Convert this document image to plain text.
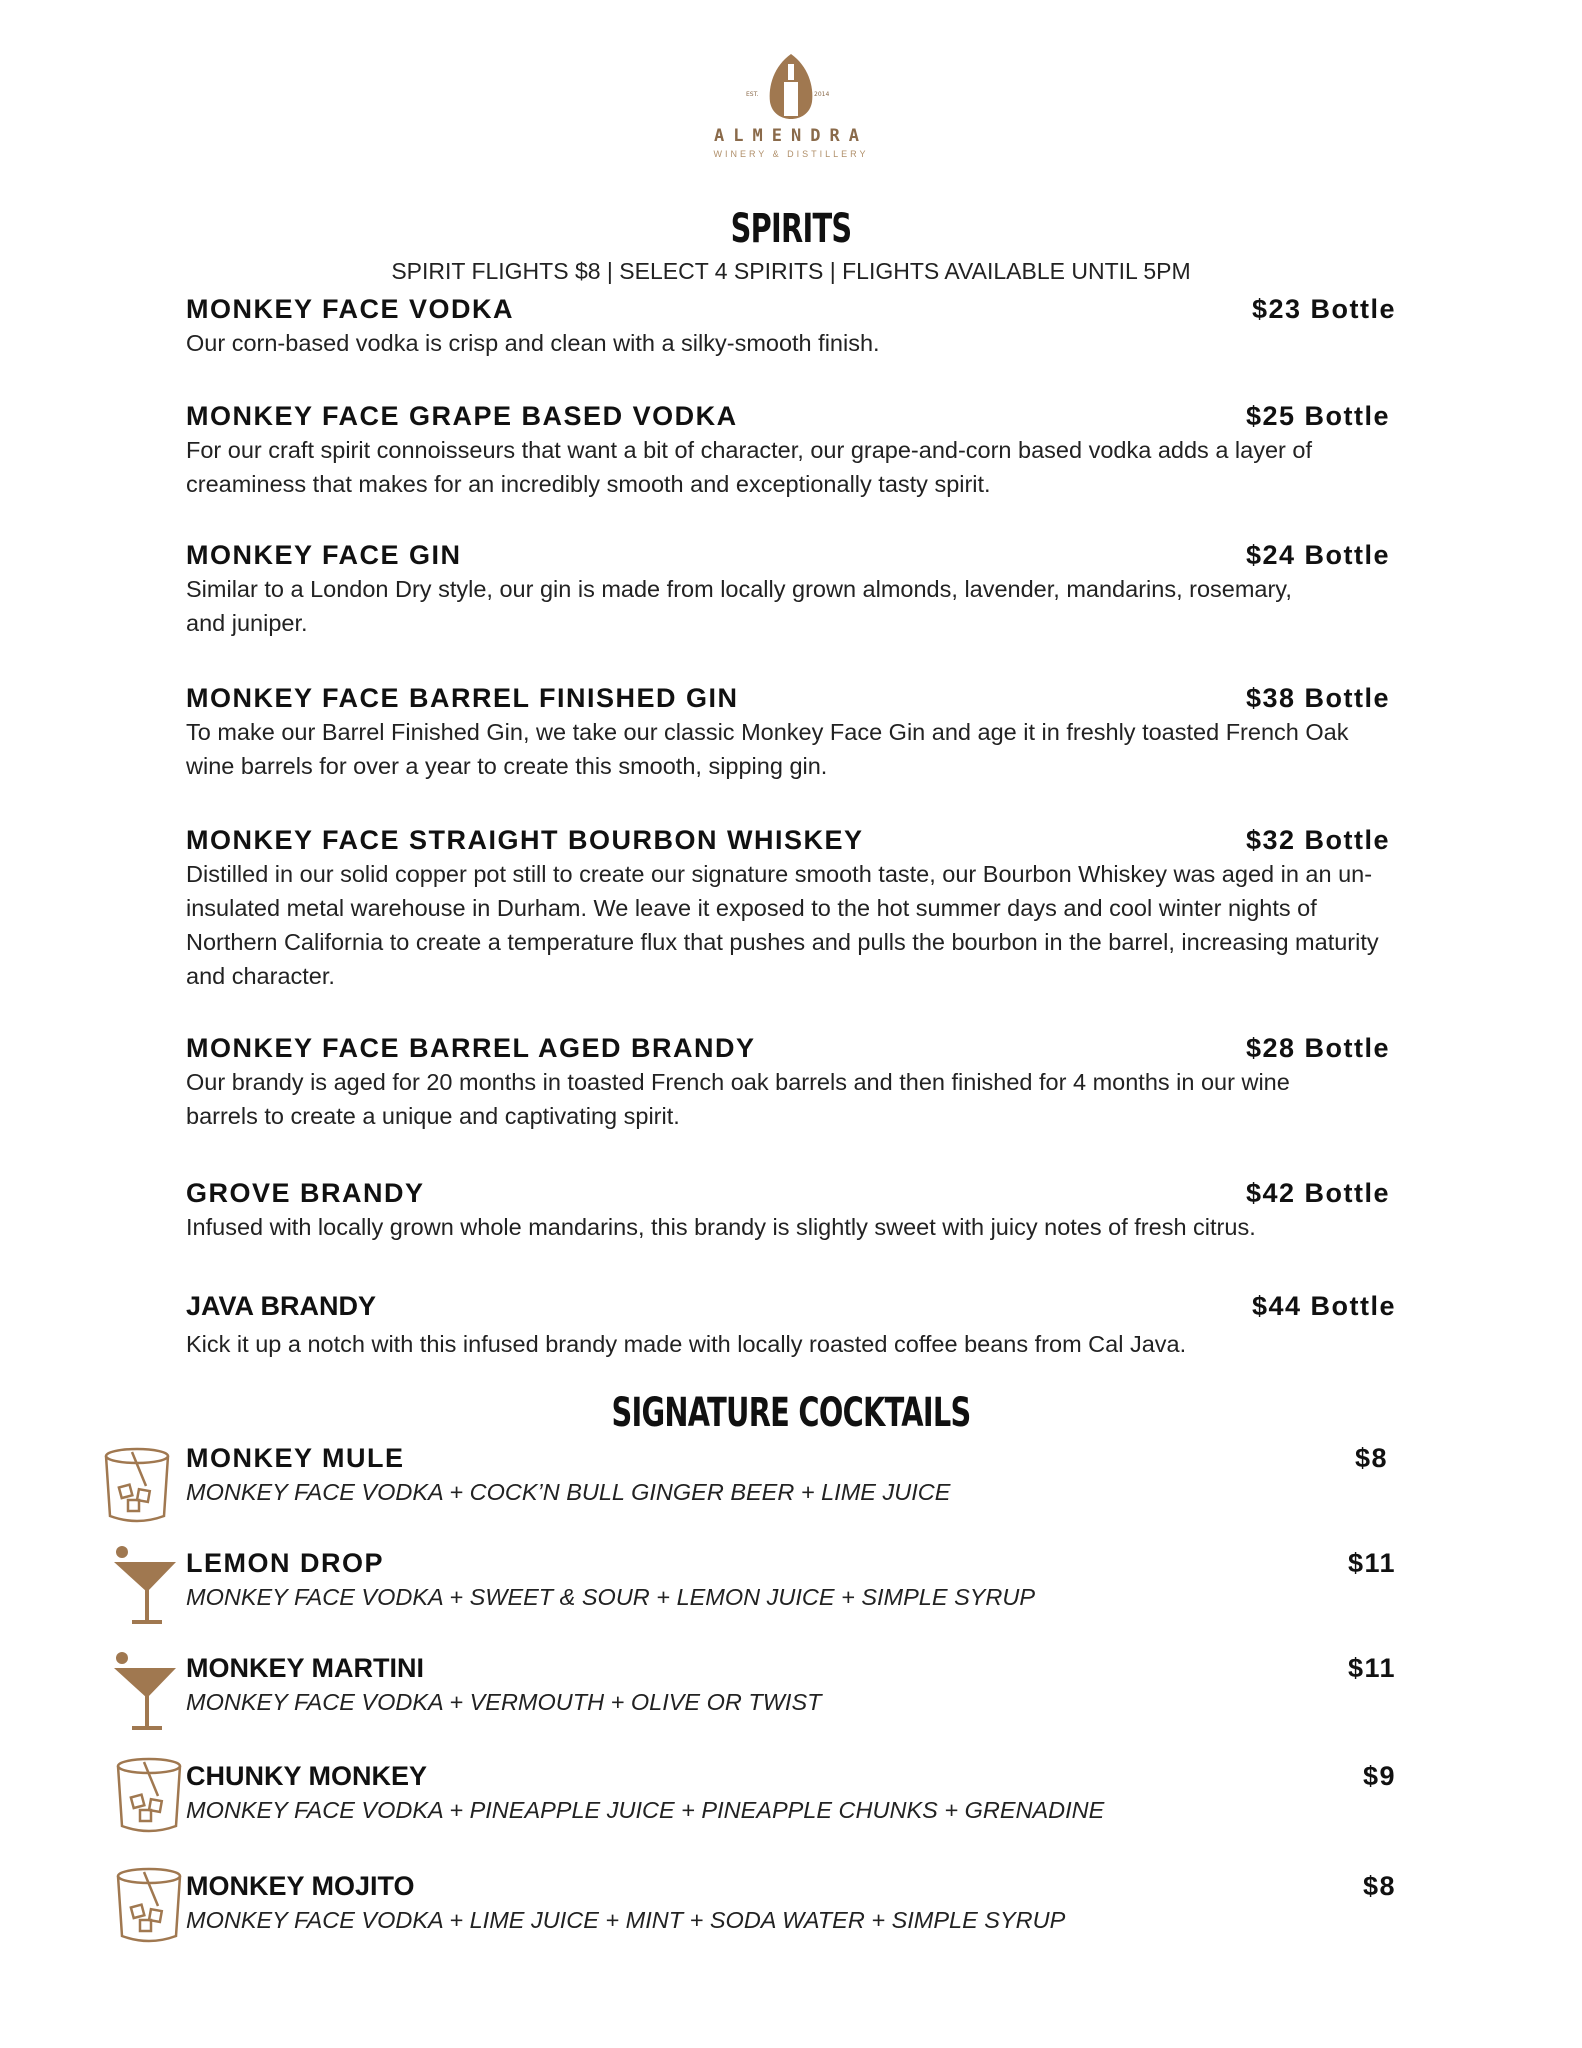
EST.	2014
ALMENDRA
WINERY & DISTILLERY
SPIRITS
SPIRIT FLIGHTS $8 | SELECT 4 SPIRITS | FLIGHTS AVAILABLE UNTIL 5PM
MONKEY FACE VODKA	$23 Bottle
Our corn-based vodka is crisp and clean with a silky-smooth finish.
MONKEY FACE GRAPE BASED VODKA	$25 Bottle
For our craft spirit connoisseurs that want a bit of character, our grape-and-corn based vodka adds a layer of creaminess that makes for an incredibly smooth and exceptionally tasty spirit.
MONKEY FACE GIN	$24 Bottle
Similar to a London Dry style, our gin is made from locally grown almonds, lavender, mandarins, rosemary, and juniper.
MONKEY FACE BARREL FINISHED GIN	$38 Bottle
To make our Barrel Finished Gin, we take our classic Monkey Face Gin and age it in freshly toasted French Oak wine barrels for over a year to create this smooth, sipping gin.
MONKEY FACE STRAIGHT BOURBON WHISKEY	$32 Bottle
Distilled in our solid copper pot still to create our signature smooth taste, our Bourbon Whiskey was aged in an un-insulated metal warehouse in Durham. We leave it exposed to the hot summer days and cool winter nights of Northern California to create a temperature flux that pushes and pulls the bourbon in the barrel, increasing maturity and character.
MONKEY FACE BARREL AGED BRANDY	$28 Bottle
Our brandy is aged for 20 months in toasted French oak barrels and then finished for 4 months in our wine barrels to create a unique and captivating spirit.
GROVE BRANDY	$42 Bottle
Infused with locally grown whole mandarins, this brandy is slightly sweet with juicy notes of fresh citrus.
JAVA BRANDY	$44 Bottle
Kick it up a notch with this infused brandy made with locally roasted coffee beans from Cal Java.
SIGNATURE COCKTAILS
MONKEY MULE	$8
MONKEY FACE VODKA + COCK’N BULL GINGER BEER + LIME JUICE
LEMON DROP	$11
MONKEY FACE VODKA + SWEET & SOUR + LEMON JUICE + SIMPLE SYRUP
MONKEY MARTINI	$11
MONKEY FACE VODKA + VERMOUTH + OLIVE OR TWIST
CHUNKY MONKEY	$9
MONKEY FACE VODKA + PINEAPPLE JUICE + PINEAPPLE CHUNKS + GRENADINE
MONKEY MOJITO	$8
MONKEY FACE VODKA + LIME JUICE + MINT + SODA WATER + SIMPLE SYRUP
